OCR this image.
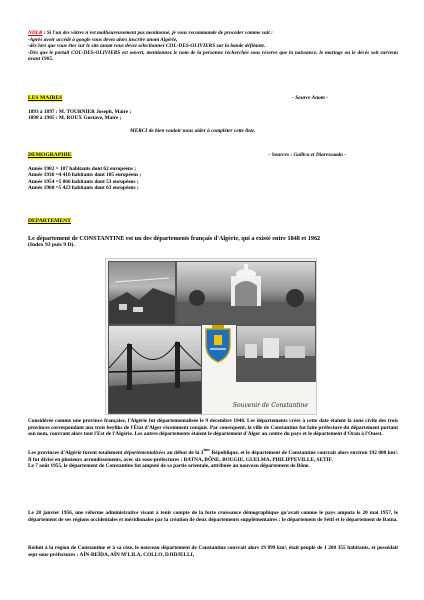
NDLR : Si l'un des vôtres n'est malheureusement pas mentionné, je vous recommande de procéder comme suit :
-Après avoir accédé à google vous devez alors inscrire anom Algérie,
-dès lors que vous êtes sur le site anom vous devez sélectionner COL-DES-OLIVIERS sur la bande défilante.
-Dès que le portail COL-DES-OLIVIERS est ouvert, mentionnez le nom de la personne recherchée sous réserve que la naissance, le mariage ou le décès soit survenu avant 1905.
LES MAIRES	- Source Anom -
1893 à 1897 : M. TOURNIER Joseph, Maire ;
1898 à 1905 : M. ROUX Gustave, Maire ;
MERCI de bien vouloir nous aider à compléter cette liste.
DEMOGRAPHIE	- Sources : Gallica et Diaressaada -
Année 1902 = 107 habitants dont 62 européens ;
Année 1936 =4 416 habitants dont 105 européens ;
Année 1954 =5 066 habitants dont 53 européens ;
Année 1960 =5 423 habitants dont 63 européens ;
DEPARTEMENT
Le département de CONSTANTINE est un des départements français d'Algérie, qui a existé entre 1848 et 1962
(Index 93 puis 9 D).
Souvenir de Constantine
Considérée comme une province française, l'Algérie fut départementalisée le 9 décembre 1848. Les départements créés à cette date étaient la zone civile des trois provinces correspondant aux trois beyliks de l'État d'Alger récemment conquis. Par conséquent, la ville de Constantine fut faite préfecture du département portant son nom, couvrant alors tout l'Est de l'Algérie. Les autres départements étaient le département d'Alger au centre du pays et le département d'Oran à l'Ouest.
Les provinces d'Algérie furent totalement départementalisées au début de la 3ème République, et le département de Constantine couvrait alors environ 192 000 km². Il fut divisé en plusieurs arrondissements, avec six sous-préfectures : BATNA, BÔNE, BOUGIE, GUELMA, PHILIPPEVILLE, SETIF.
Le 7 août 1955, le département de Constantine fut amputé de sa partie orientale, attribuée au nouveau département de Bône.
Le 28 janvier 1956, une réforme administrative visant à tenir compte de la forte croissance démographique qu'avait connue le pays amputa le 20 mai 1957, le département de ses régions occidentales et méridionales par la création de deux départements supplémentaires : le département de Sétif et le département de Batna.
Réduit à la région de Constantine et à sa côte, le nouveau département de Constantine couvrait alors 19 899 km², était peuplé de 1 208 355 habitants, et possédait sept sous-préfectures : AÏN-BEÏDA, AÏN M'LILA, COLLO, DJIDJELLI,
